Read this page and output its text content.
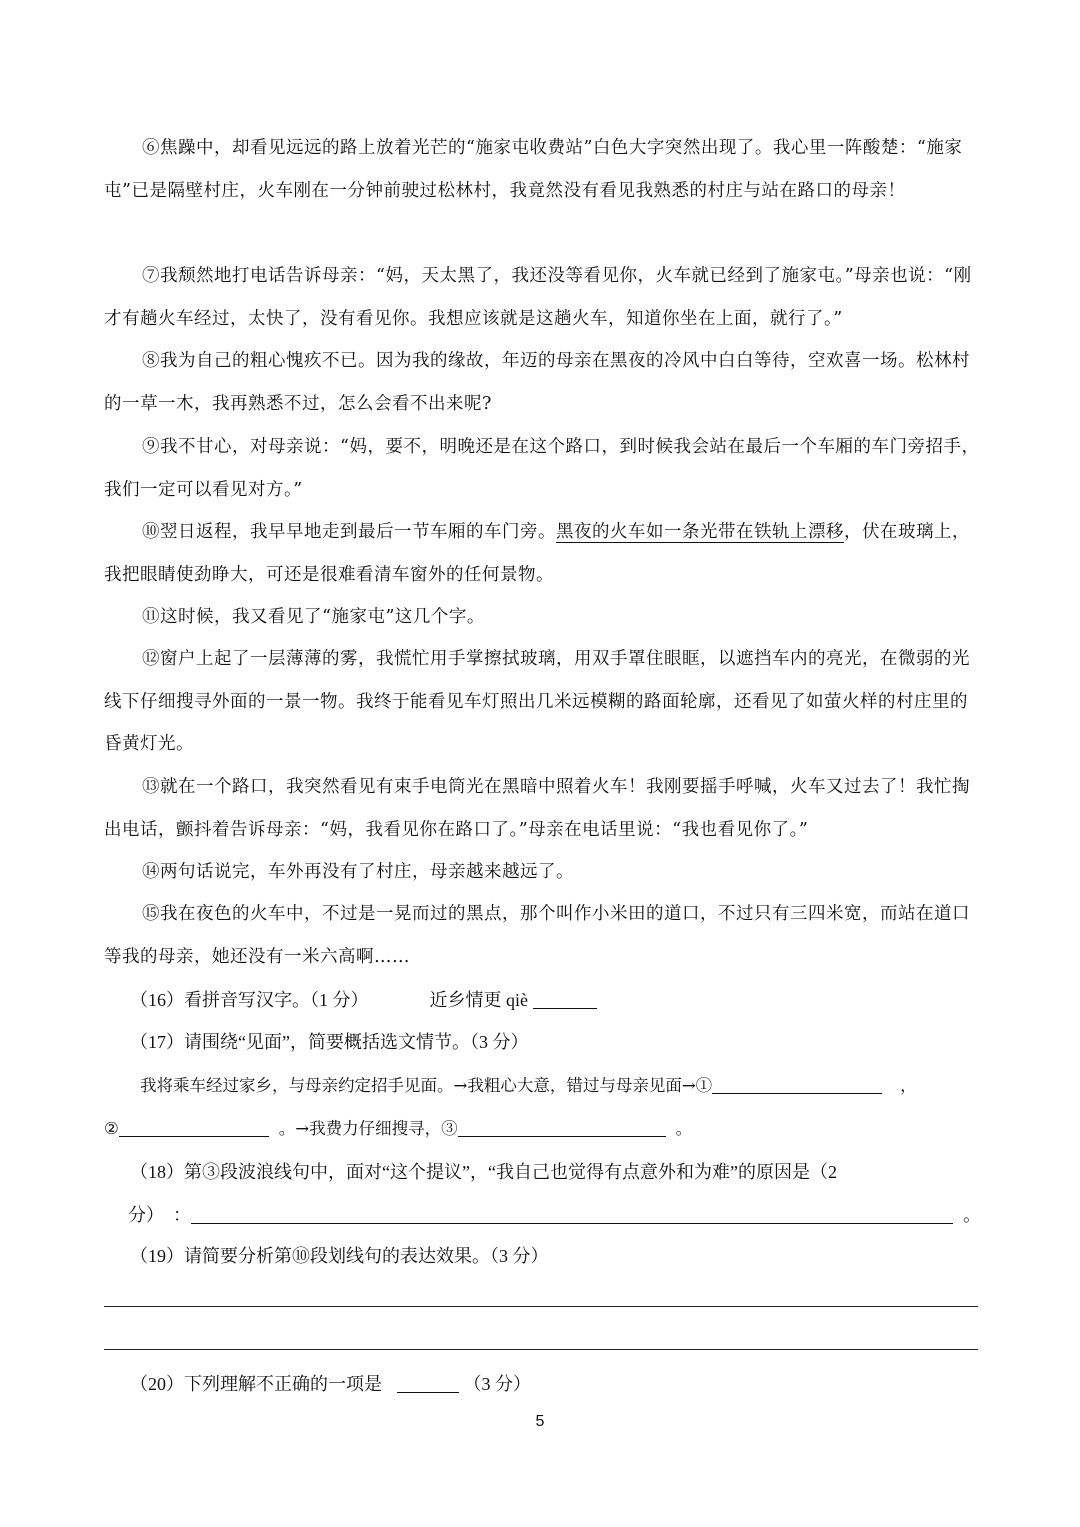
⑥焦躁中，却看见远远的路上放着光芒的“施家屯收费站”白色大字突然出现了。我心里一阵酸楚：“施家屯”已是隔壁村庄，火车刚在一分钟前驶过松林村，我竟然没有看见我熟悉的村庄与站在路口的母亲！
⑦我颓然地打电话告诉母亲：“妈，天太黑了，我还没等看见你，火车就已经到了施家屯。”母亲也说：“刚才有趟火车经过，太快了，没有看见你。我想应该就是这趟火车，知道你坐在上面，就行了。”
⑧我为自己的粗心愧疚不已。因为我的缘故，年迈的母亲在黑夜的冷风中白白等待，空欢喜一场。松林村的一草一木，我再熟悉不过，怎么会看不出来呢?
⑨我不甘心，对母亲说：“妈，要不，明晚还是在这个路口，到时候我会站在最后一个车厢的车门旁招手，我们一定可以看见对方。”
⑩翌日返程，我早早地走到最后一节车厢的车门旁。黑夜的火车如一条光带在铁轨上漂移，伏在玻璃上，我把眼睛使劲睁大，可还是很难看清车窗外的任何景物。
⑪这时候，我又看见了“施家屯”这几个字。
⑫窗户上起了一层薄薄的雾，我慌忙用手掌擦拭玻璃，用双手罩住眼眶，以遮挡车内的亮光，在微弱的光线下仔细搜寻外面的一景一物。我终于能看见车灯照出几米远模糊的路面轮廓，还看见了如萤火样的村庄里的昏黄灯光。
⑬就在一个路口，我突然看见有束手电筒光在黑暗中照着火车！我刚要摇手呼喊，火车又过去了！我忙掏出电话，颤抖着告诉母亲：“妈，我看见你在路口了。”母亲在电话里说：“我也看见你了。”
⑭两句话说完，车外再没有了村庄，母亲越来越远了。
⑮我在夜色的火车中，不过是一晃而过的黑点，那个叫作小米田的道口，不过只有三四米宽，而站在道口等我的母亲，她还没有一米六高啊……
（16）看拼音写汉字。（1 分）	近乡情更 qiè
（17）请围绕“见面”，简要概括选文情节。（3 分）
我将乘车经过家乡，与母亲约定招手见面。→我粗心大意，错过与母亲见面→①	，
②	。→我费力仔细搜寻，③	。
（18）第③段波浪线句中，面对“这个提议”，“我自己也觉得有点意外和为难”的原因是（2
分）　：	。
（19）请简要分析第⑩段划线句的表达效果。（3 分）
（20）下列理解不正确的一项是	（3 分）
5
